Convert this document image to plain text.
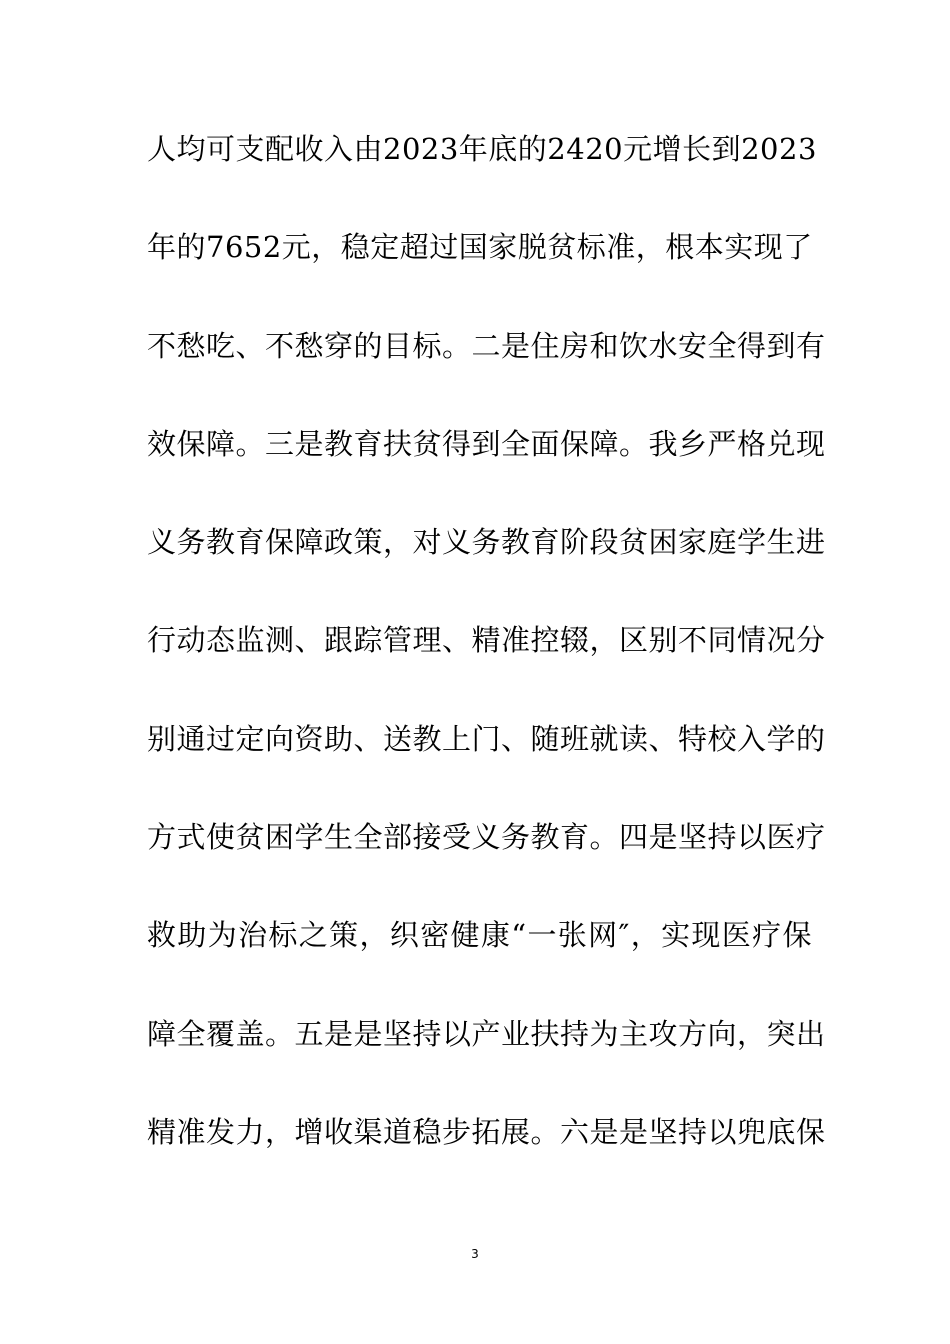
人均可支配收入由2023年底的2420元增长到2023
年的7652元，稳定超过国家脱贫标准，根本实现了
不愁吃、不愁穿的目标。二是住房和饮水安全得到有
效保障。三是教育扶贫得到全面保障。我乡严格兑现
义务教育保障政策，对义务教育阶段贫困家庭学生进
行动态监测、跟踪管理、精准控辍，区别不同情况分
别通过定向资助、送教上门、随班就读、特校入学的
方式使贫困学生全部接受义务教育。四是坚持以医疗
救助为治标之策，织密健康“一张网″，实现医疗保
障全覆盖。五是是坚持以产业扶持为主攻方向，突出
精准发力，增收渠道稳步拓展。六是是坚持以兜底保
3
